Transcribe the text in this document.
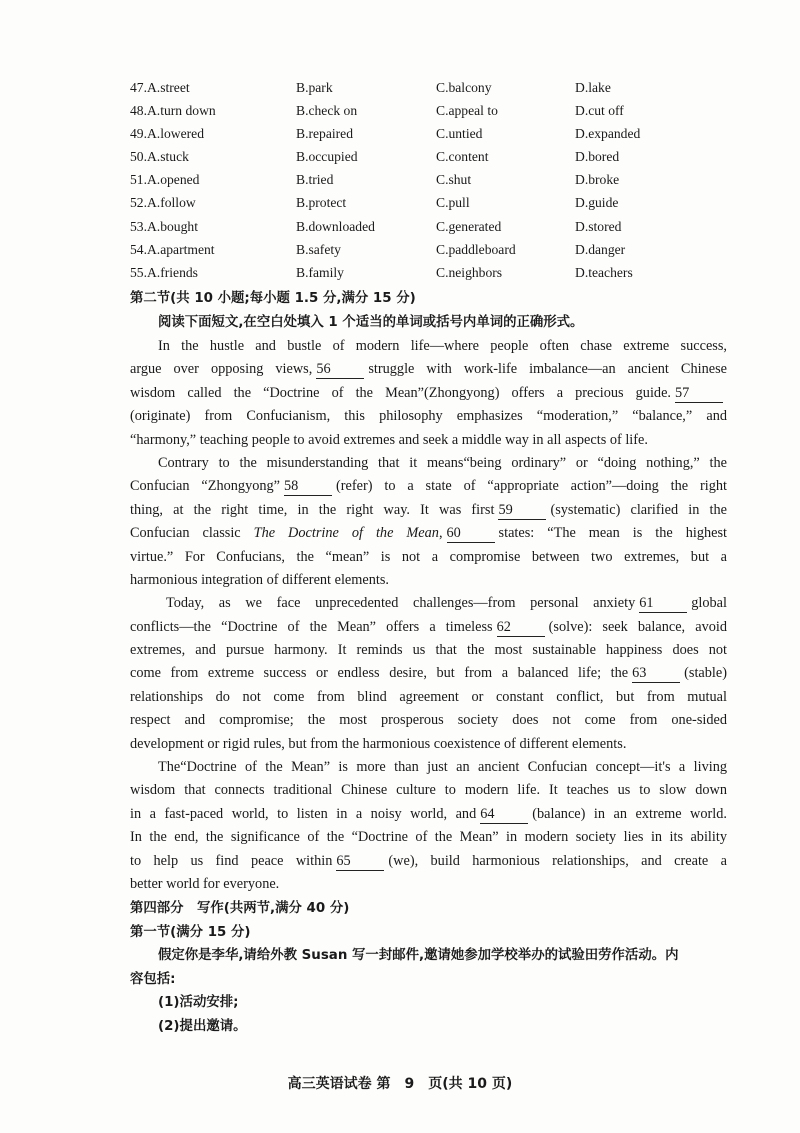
47.A.street	B.park	C.balcony	D.lake
48.A.turn down	B.check on	C.appeal to	D.cut off
49.A.lowered	B.repaired	C.untied	D.expanded
50.A.stuck	B.occupied	C.content	D.bored
51.A.opened	B.tried	C.shut	D.broke
52.A.follow	B.protect	C.pull	D.guide
53.A.bought	B.downloaded	C.generated	D.stored
54.A.apartment	B.safety	C.paddleboard	D.danger
55.A.friends	B.family	C.neighbors	D.teachers
第二节(共 10 小题;每小题 1.5 分,满分 15 分)
阅读下面短文,在空白处填入 1 个适当的单词或括号内单词的正确形式。
In the hustle and bustle of modern life—where people often chase extreme success,
argue over opposing views, 56	struggle with work-life imbalance—an ancient Chinese
wisdom called the “Doctrine of the Mean”(Zhongyong) offers a precious guide. 57
(originate) from Confucianism, this philosophy emphasizes “moderation,” “balance,” and
“harmony,” teaching people to avoid extremes and seek a middle way in all aspects of life.
Contrary to the misunderstanding that it means“being ordinary” or “doing nothing,” the
Confucian “Zhongyong” 58	(refer) to a state of “appropriate action”—doing the right
thing, at the right time, in the right way. It was first 59	(systematic) clarified in the
Confucian classic The Doctrine of the Mean, 60	states: “The mean is the highest
virtue.” For Confucians, the “mean” is not a compromise between two extremes, but a
harmonious integration of different elements.
Today, as we face unprecedented challenges—from personal anxiety 61	global
conflicts—the “Doctrine of the Mean” offers a timeless 62	(solve): seek balance, avoid
extremes, and pursue harmony. It reminds us that the most sustainable happiness does not
come from extreme success or endless desire, but from a balanced life; the 63	(stable)
relationships do not come from blind agreement or constant conflict, but from mutual
respect and compromise; the most prosperous society does not come from one-sided
development or rigid rules, but from the harmonious coexistence of different elements.
The“Doctrine of the Mean” is more than just an ancient Confucian concept—it's a living
wisdom that connects traditional Chinese culture to modern life. It teaches us to slow down
in a fast-paced world, to listen in a noisy world, and 64	(balance) in an extreme world.
In the end, the significance of the “Doctrine of the Mean” in modern society lies in its ability
to help us find peace within 65	(we), build harmonious relationships, and create a
better world for everyone.
第四部分　写作(共两节,满分 40 分)
第一节(满分 15 分)
假定你是李华,请给外教 Susan 写一封邮件,邀请她参加学校举办的试验田劳作活动。内
容包括:
(1)活动安排;
(2)提出邀请。
高三英语试卷 第　9　页(共 10 页)
